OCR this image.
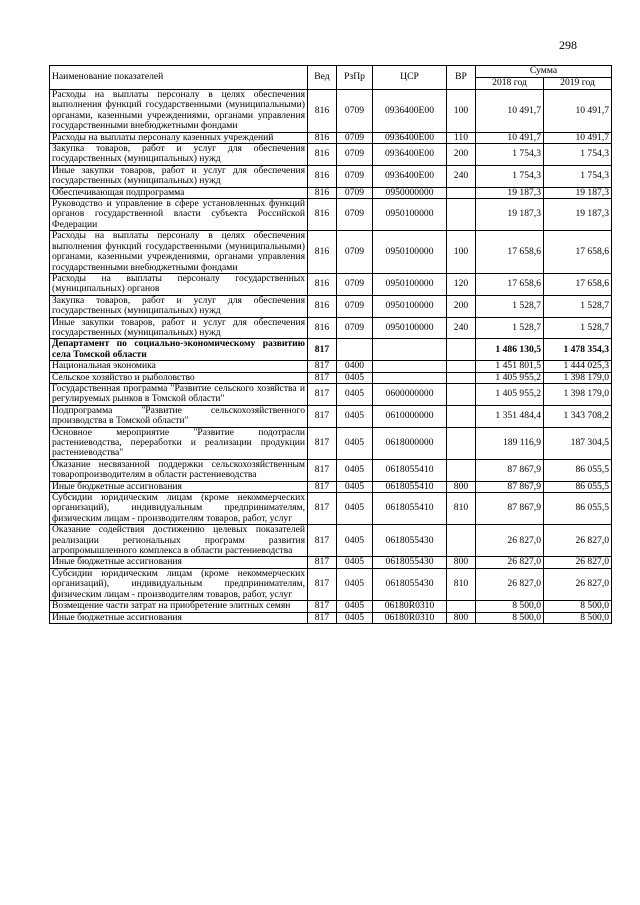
298
Наименование показателей	Вед	РзПр	ЦСР	ВР	Сумма	
					2018 год	2019 год
Расходы на выплаты персоналу в целях обеспечения выполнения функций государственными (муниципальными) органами, казенными учреждениями, органами управления государственными внебюджетными фондами	816	0709	0936400Е00	100	10 491,7	10 491,7
Расходы на выплаты персоналу казенных учреждений	816	0709	0936400Е00	110	10 491,7	10 491,7
Закупка товаров, работ и услуг для обеспечения государственных (муниципальных) нужд	816	0709	0936400Е00	200	1 754,3	1 754,3
Иные закупки товаров, работ и услуг для обеспечения государственных (муниципальных) нужд	816	0709	0936400Е00	240	1 754,3	1 754,3
Обеспечивающая подпрограмма	816	0709	0950000000		19 187,3	19 187,3
Руководство и управление в сфере установленных функций органов государственной власти субъекта Российской Федерации	816	0709	0950100000		19 187,3	19 187,3
Расходы на выплаты персоналу в целях обеспечения выполнения функций государственными (муниципальными) органами, казенными учреждениями, органами управления государственными внебюджетными фондами	816	0709	0950100000	100	17 658,6	17 658,6
Расходы на выплаты персоналу государственных (муниципальных) органов	816	0709	0950100000	120	17 658,6	17 658,6
Закупка товаров, работ и услуг для обеспечения государственных (муниципальных) нужд	816	0709	0950100000	200	1 528,7	1 528,7
Иные закупки товаров, работ и услуг для обеспечения государственных (муниципальных) нужд	816	0709	0950100000	240	1 528,7	1 528,7
Департамент по социально-экономическому развитию села Томской области	817				1 486 130,5	1 478 354,3
Национальная экономика	817	0400			1 451 801,5	1 444 025,3
Сельское хозяйство и рыболовство	817	0405			1 405 955,2	1 398 179,0
Государственная программа "Развитие сельского хозяйства и регулируемых рынков в Томской области"	817	0405	0600000000		1 405 955,2	1 398 179,0
Подпрограмма "Развитие сельскохозяйственного производства в Томской области"	817	0405	0610000000		1 351 484,4	1 343 708,2
Основное мероприятие "Развитие подотрасли растениеводства, переработки и реализации продукции растениеводства"	817	0405	0618000000		189 116,9	187 304,5
Оказание несвязанной поддержки сельскохозяйственным товаропроизводителям в области растениеводства	817	0405	0618055410		87 867,9	86 055,5
Иные бюджетные ассигнования	817	0405	0618055410	800	87 867,9	86 055,5
Субсидии юридическим лицам (кроме некоммерческих организаций), индивидуальным предпринимателям, физическим лицам - производителям товаров, работ, услуг	817	0405	0618055410	810	87 867,9	86 055,5
Оказание содействия достижению целевых показателей реализации региональных программ развития агропромышленного комплекса в области растениеводства	817	0405	0618055430		26 827,0	26 827,0
Иные бюджетные ассигнования	817	0405	0618055430	800	26 827,0	26 827,0
Субсидии юридическим лицам (кроме некоммерческих организаций), индивидуальным предпринимателям, физическим лицам - производителям товаров, работ, услуг	817	0405	0618055430	810	26 827,0	26 827,0
Возмещение части затрат на приобретение элитных семян	817	0405	06180R0310		8 500,0	8 500,0
Иные бюджетные ассигнования	817	0405	06180R0310	800	8 500,0	8 500,0
